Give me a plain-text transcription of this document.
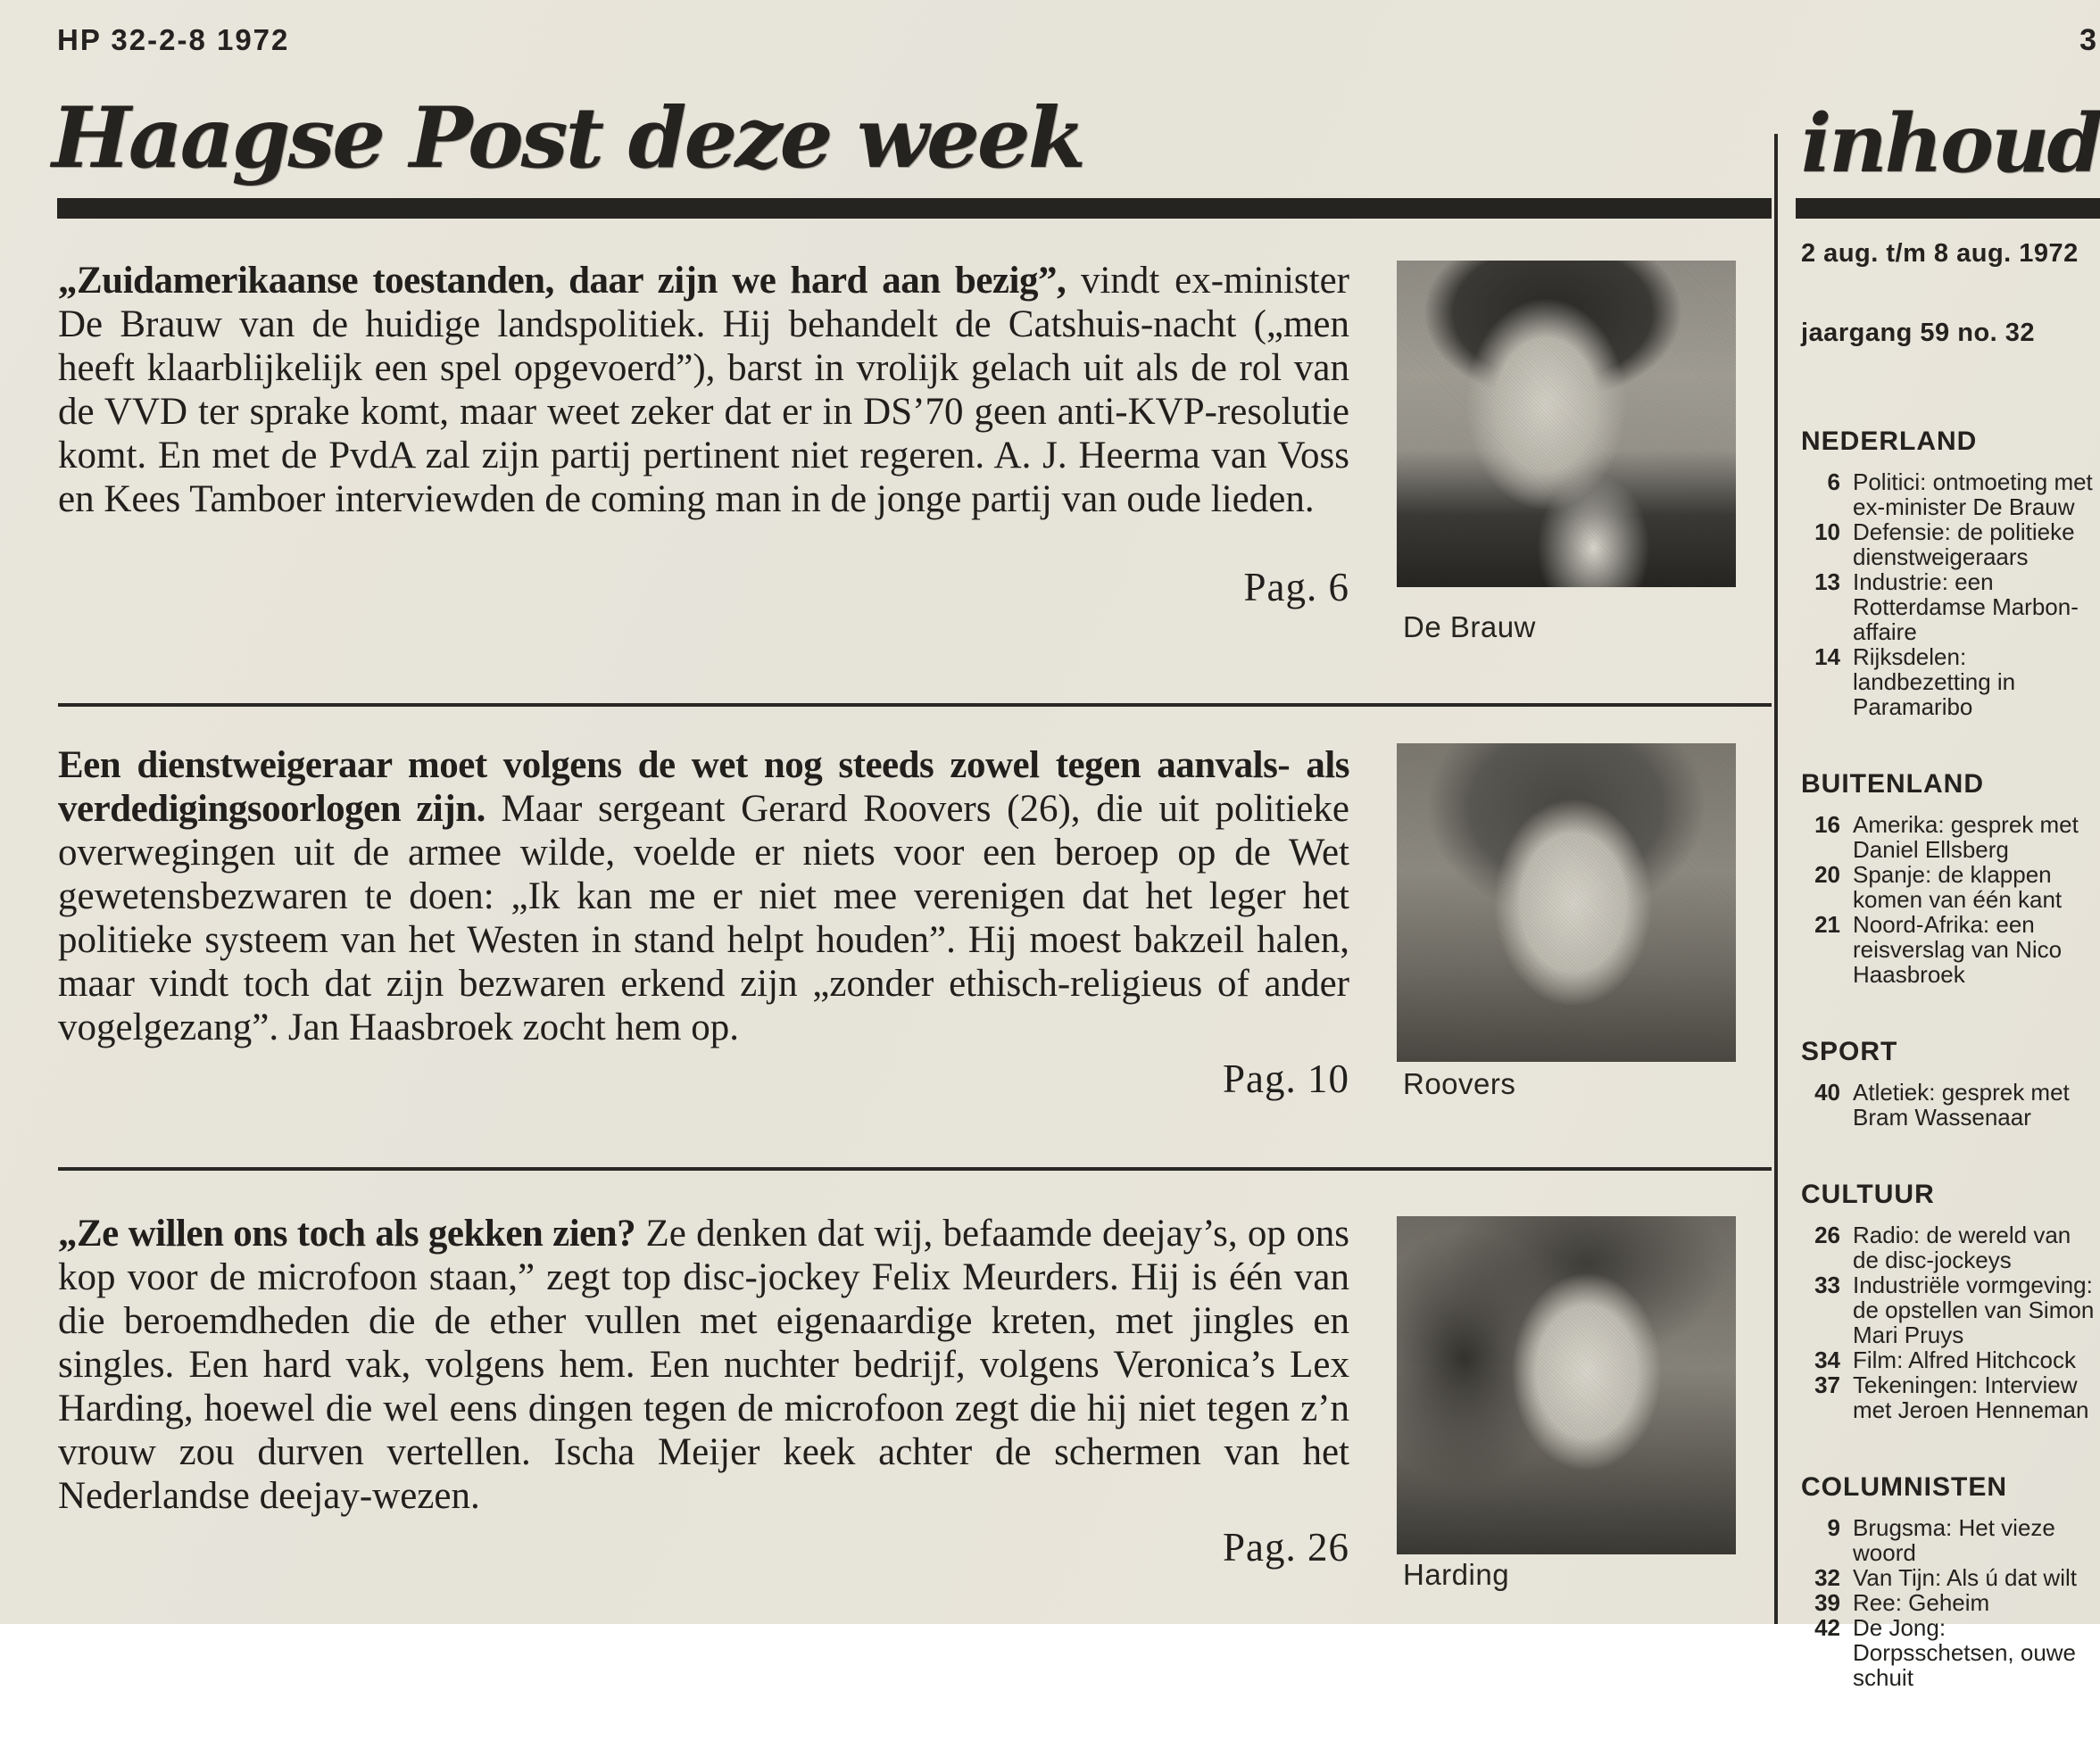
HP 32-2-8 1972	3
Haagse Post deze week

„Zuidamerikaanse toestanden, daar zijn we hard aan bezig”, vindt ex-minister De Brauw van de huidige landspolitiek. Hij behandelt de Catshuis-nacht („men heeft klaarblijkelijk een spel opgevoerd”), barst in vrolijk gelach uit als de rol van de VVD ter sprake komt, maar weet zeker dat er in DS’70 geen anti-KVP-resolutie komt. En met de PvdA zal zijn partij pertinent niet regeren. A. J. Heerma van Voss en Kees Tamboer interviewden de coming man in de jonge partij van oude lieden.

Pag. 6
De Brauw

Een dienstweigeraar moet volgens de wet nog steeds zowel tegen aanvals- als verdedigingsoorlogen zijn. Maar sergeant Gerard Roovers (26), die uit politieke overwegingen uit de armee wilde, voelde er niets voor een beroep op de Wet gewetensbezwaren te doen: „Ik kan me er niet mee verenigen dat het leger het politieke systeem van het Westen in stand helpt houden”. Hij moest bakzeil halen, maar vindt toch dat zijn bezwaren erkend zijn „zonder ethisch-religieus of ander vogelgezang”. Jan Haasbroek zocht hem op.

Pag. 10 Roovers

„Ze willen ons toch als gekken zien? Ze denken dat wij, befaamde deejay’s, op ons kop voor de microfoon staan,” zegt top disc-jockey Felix Meurders. Hij is één van die beroemdheden die de ether vullen met eigenaardige kreten, met jingles en singles. Een hard vak, volgens hem. Een nuchter bedrijf, volgens Veronica’s Lex Harding, hoewel die wel eens dingen tegen de microfoon zegt die hij niet tegen z’n vrouw zou durven vertellen. Ischa Meijer keek achter de schermen van het Nederlandse deejay-wezen.

Pag. 26
Harding
inhoud
2 aug. t/m 8 aug. 1972
jaargang 59 no. 32
NEDERLAND
6 Politici: ontmoeting met ex-minister De Brauw
10 Defensie: de politieke dienstweigeraars
13 Industrie: een Rotterdamse Marbon-affaire
14 Rijksdelen: landbezetting in Paramaribo
BUITENLAND
16 Amerika: gesprek met Daniel Ellsberg
20 Spanje: de klappen komen van één kant
21 Noord-Afrika: een reisverslag van Nico Haasbroek
SPORT
40 Atletiek: gesprek met Bram Wassenaar
CULTUUR
26 Radio: de wereld van de disc-jockeys
33 Industriële vormgeving: de opstellen van Simon Mari Pruys
34 Film: Alfred Hitchcock
37 Tekeningen: Interview met Jeroen Henneman
COLUMNISTEN
9 Brugsma: Het vieze woord
32 Van Tijn: Als ú dat wilt
39 Ree: Geheim
42 De Jong: Dorpsschetsen, ouwe schuit
